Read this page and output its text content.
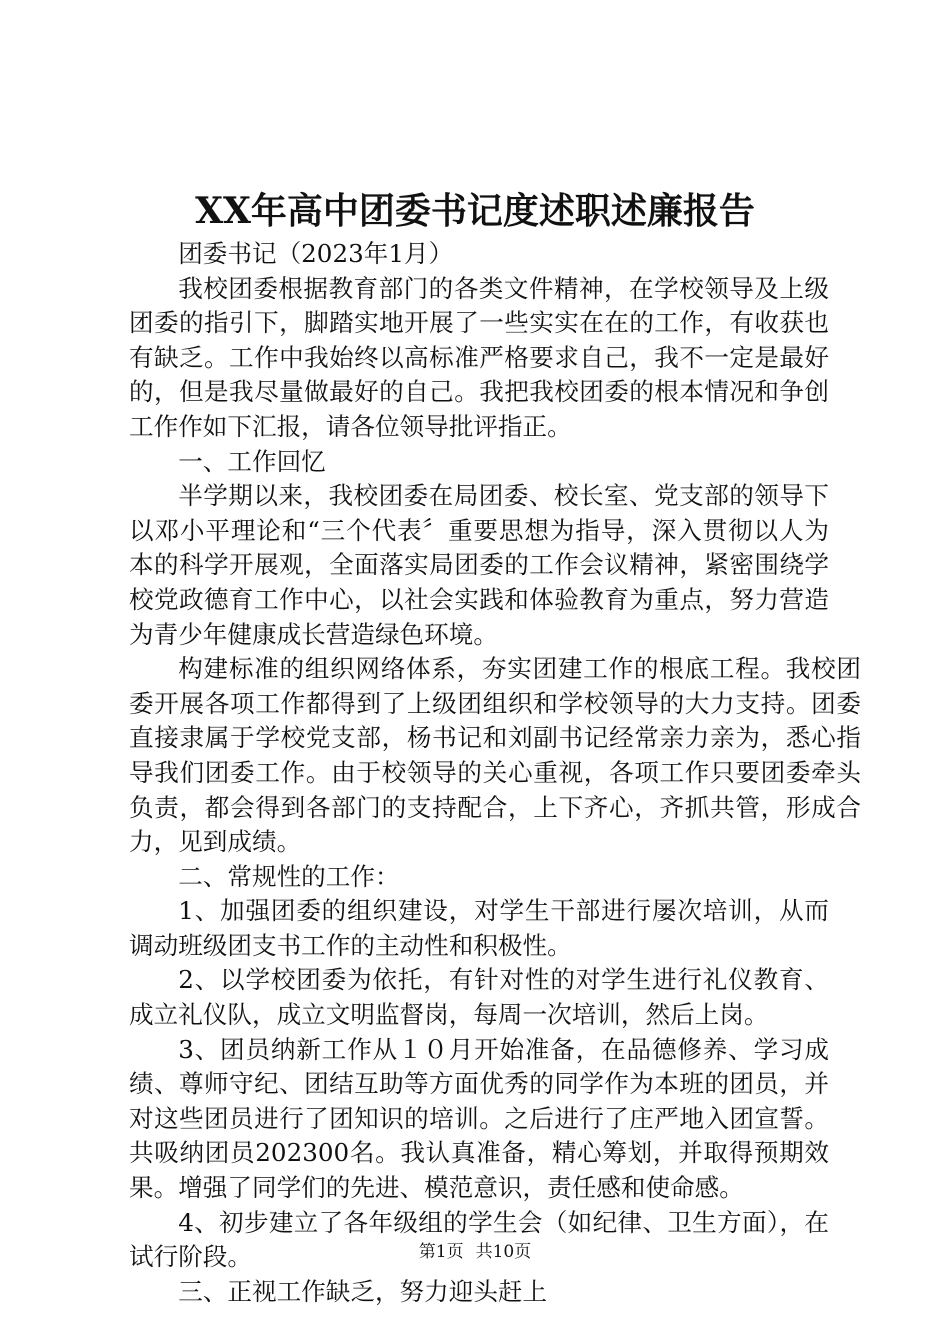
XX年高中团委书记度述职述廉报告

团委书记（2023年1月）

我校团委根据教育部门的各类文件精神，在学校领导及上级团委的指引下，脚踏实地开展了一些实实在在的工作，有收获也有缺乏。工作中我始终以高标准严格要求自己，我不一定是最好的，但是我尽量做最好的自己。我把我校团委的根本情况和争创工作作如下汇报，请各位领导批评指正。

一、工作回忆

半学期以来，我校团委在局团委、校长室、党支部的领导下以邓小平理论和“三个代表〞重要思想为指导，深入贯彻以人为本的科学开展观，全面落实局团委的工作会议精神，紧密围绕学校党政德育工作中心，以社会实践和体验教育为重点，努力营造为青少年健康成长营造绿色环境。

构建标准的组织网络体系，夯实团建工作的根底工程。我校团委开展各项工作都得到了上级团组织和学校领导的大力支持。团委直接隶属于学校党支部，杨书记和刘副书记经常亲力亲为，悉心指导我们团委工作。由于校领导的关心重视，各项工作只要团委牵头负责，都会得到各部门的支持配合，上下齐心，齐抓共管，形成合力，见到成绩。

二、常规性的工作：

1、加强团委的组织建设，对学生干部进行屡次培训，从而调动班级团支书工作的主动性和积极性。

2、以学校团委为依托，有针对性的对学生进行礼仪教育、成立礼仪队，成立文明监督岗，每周一次培训，然后上岗。

3、团员纳新工作从１０月开始准备，在品德修养、学习成绩、尊师守纪、团结互助等方面优秀的同学作为本班的团员，并对这些团员进行了团知识的培训。之后进行了庄严地入团宣誓。共吸纳团员202300名。我认真准备，精心筹划，并取得预期效果。增强了同学们的先进、模范意识，责任感和使命感。

4、初步建立了各年级组的学生会（如纪律、卫生方面），在试行阶段。

三、正视工作缺乏，努力迎头赶上

第1页 共10页
